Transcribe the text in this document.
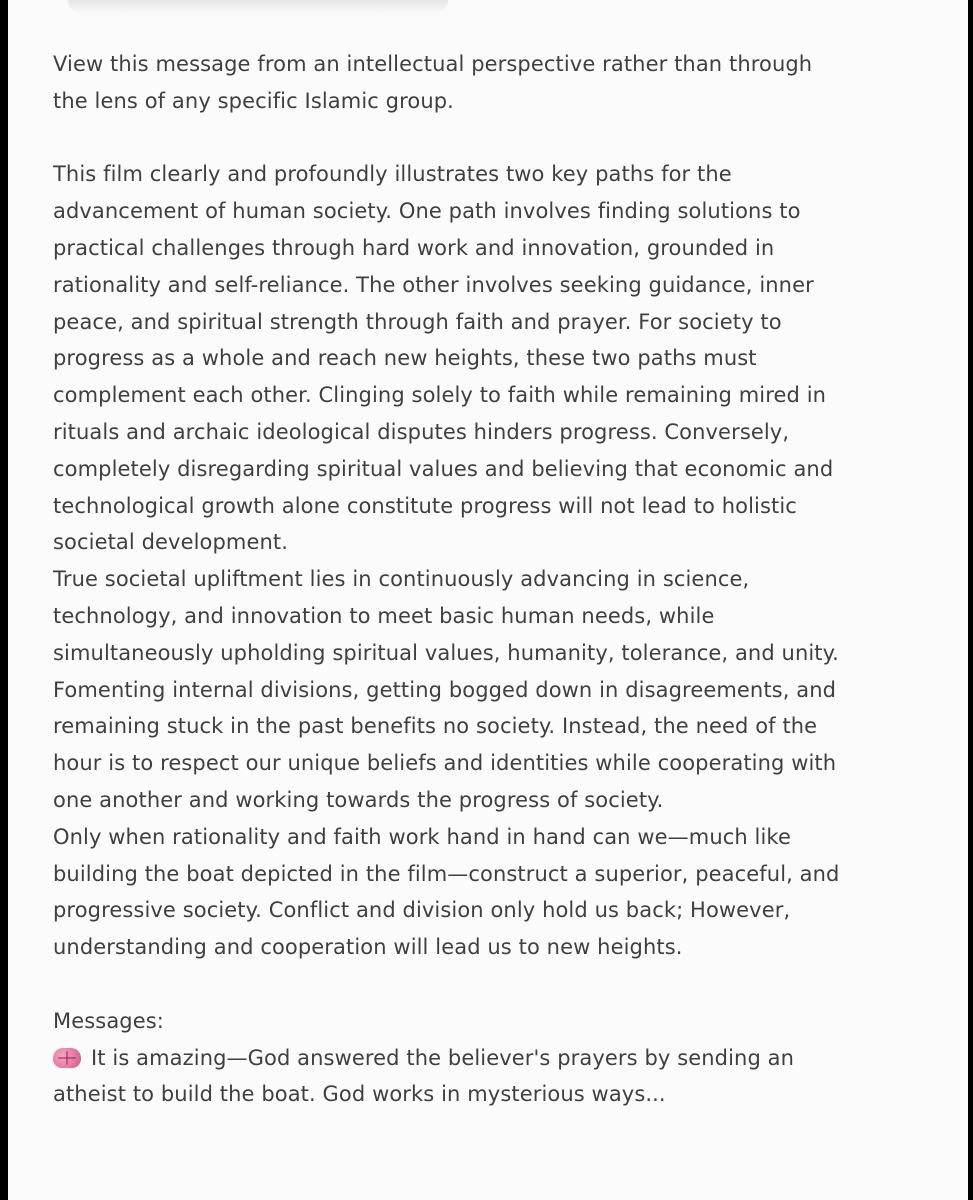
View this message from an intellectual perspective rather than through
the lens of any specific Islamic group.

This film clearly and profoundly illustrates two key paths for the
advancement of human society. One path involves finding solutions to
practical challenges through hard work and innovation, grounded in
rationality and self-reliance. The other involves seeking guidance, inner
peace, and spiritual strength through faith and prayer. For society to
progress as a whole and reach new heights, these two paths must
complement each other. Clinging solely to faith while remaining mired in
rituals and archaic ideological disputes hinders progress. Conversely,
completely disregarding spiritual values and believing that economic and
technological growth alone constitute progress will not lead to holistic
societal development.

True societal upliftment lies in continuously advancing in science,
technology, and innovation to meet basic human needs, while
simultaneously upholding spiritual values, humanity, tolerance, and unity.
Fomenting internal divisions, getting bogged down in disagreements, and
remaining stuck in the past benefits no society. Instead, the need of the
hour is to respect our unique beliefs and identities while cooperating with
one another and working towards the progress of society.

Only when rationality and faith work hand in hand can we—much like
building the boat depicted in the film—construct a superior, peaceful, and
progressive society. Conflict and division only hold us back; However,
understanding and cooperation will lead us to new heights.

Messages:

It is amazing—God answered the believer's prayers by sending an
atheist to build the boat. God works in mysterious ways...
